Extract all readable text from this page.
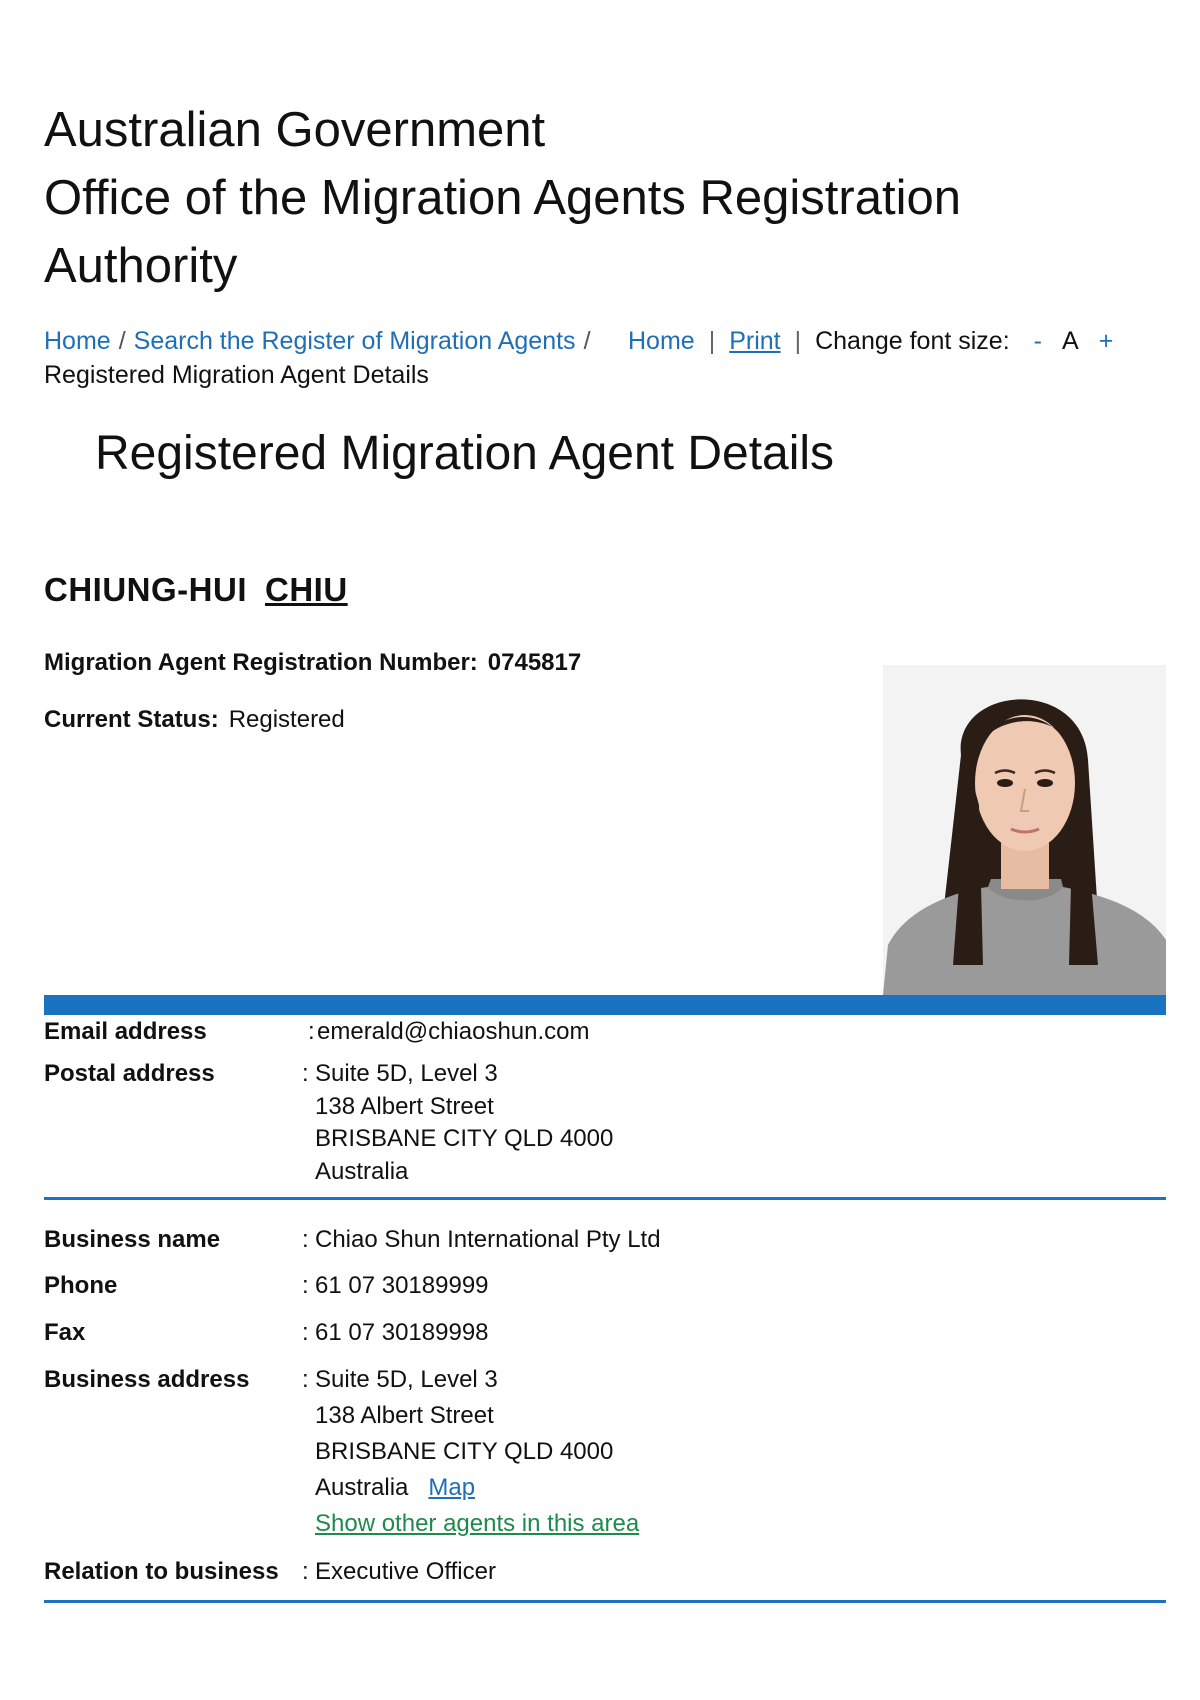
Australian Government
Office of the Migration Agents Registration
Authority
Home / Search the Register of Migration Agents /
Registered Migration Agent Details
Home | Print | Change font size: - A +
Registered Migration Agent Details
CHIUNG-HUI CHIU
Migration Agent Registration Number: 0745817
Current Status: Registered
Email address	: emerald@chiaoshun.com
Postal address	: Suite 5D, Level 3
138 Albert Street
BRISBANE CITY QLD 4000
Australia
Business name	: Chiao Shun International Pty Ltd
Phone	: 61 07 30189999
Fax	: 61 07 30189998
Business address : Suite 5D, Level 3
138 Albert Street
BRISBANE CITY QLD 4000
Australia Map
Show other agents in this area
Relation to business : Executive Officer
